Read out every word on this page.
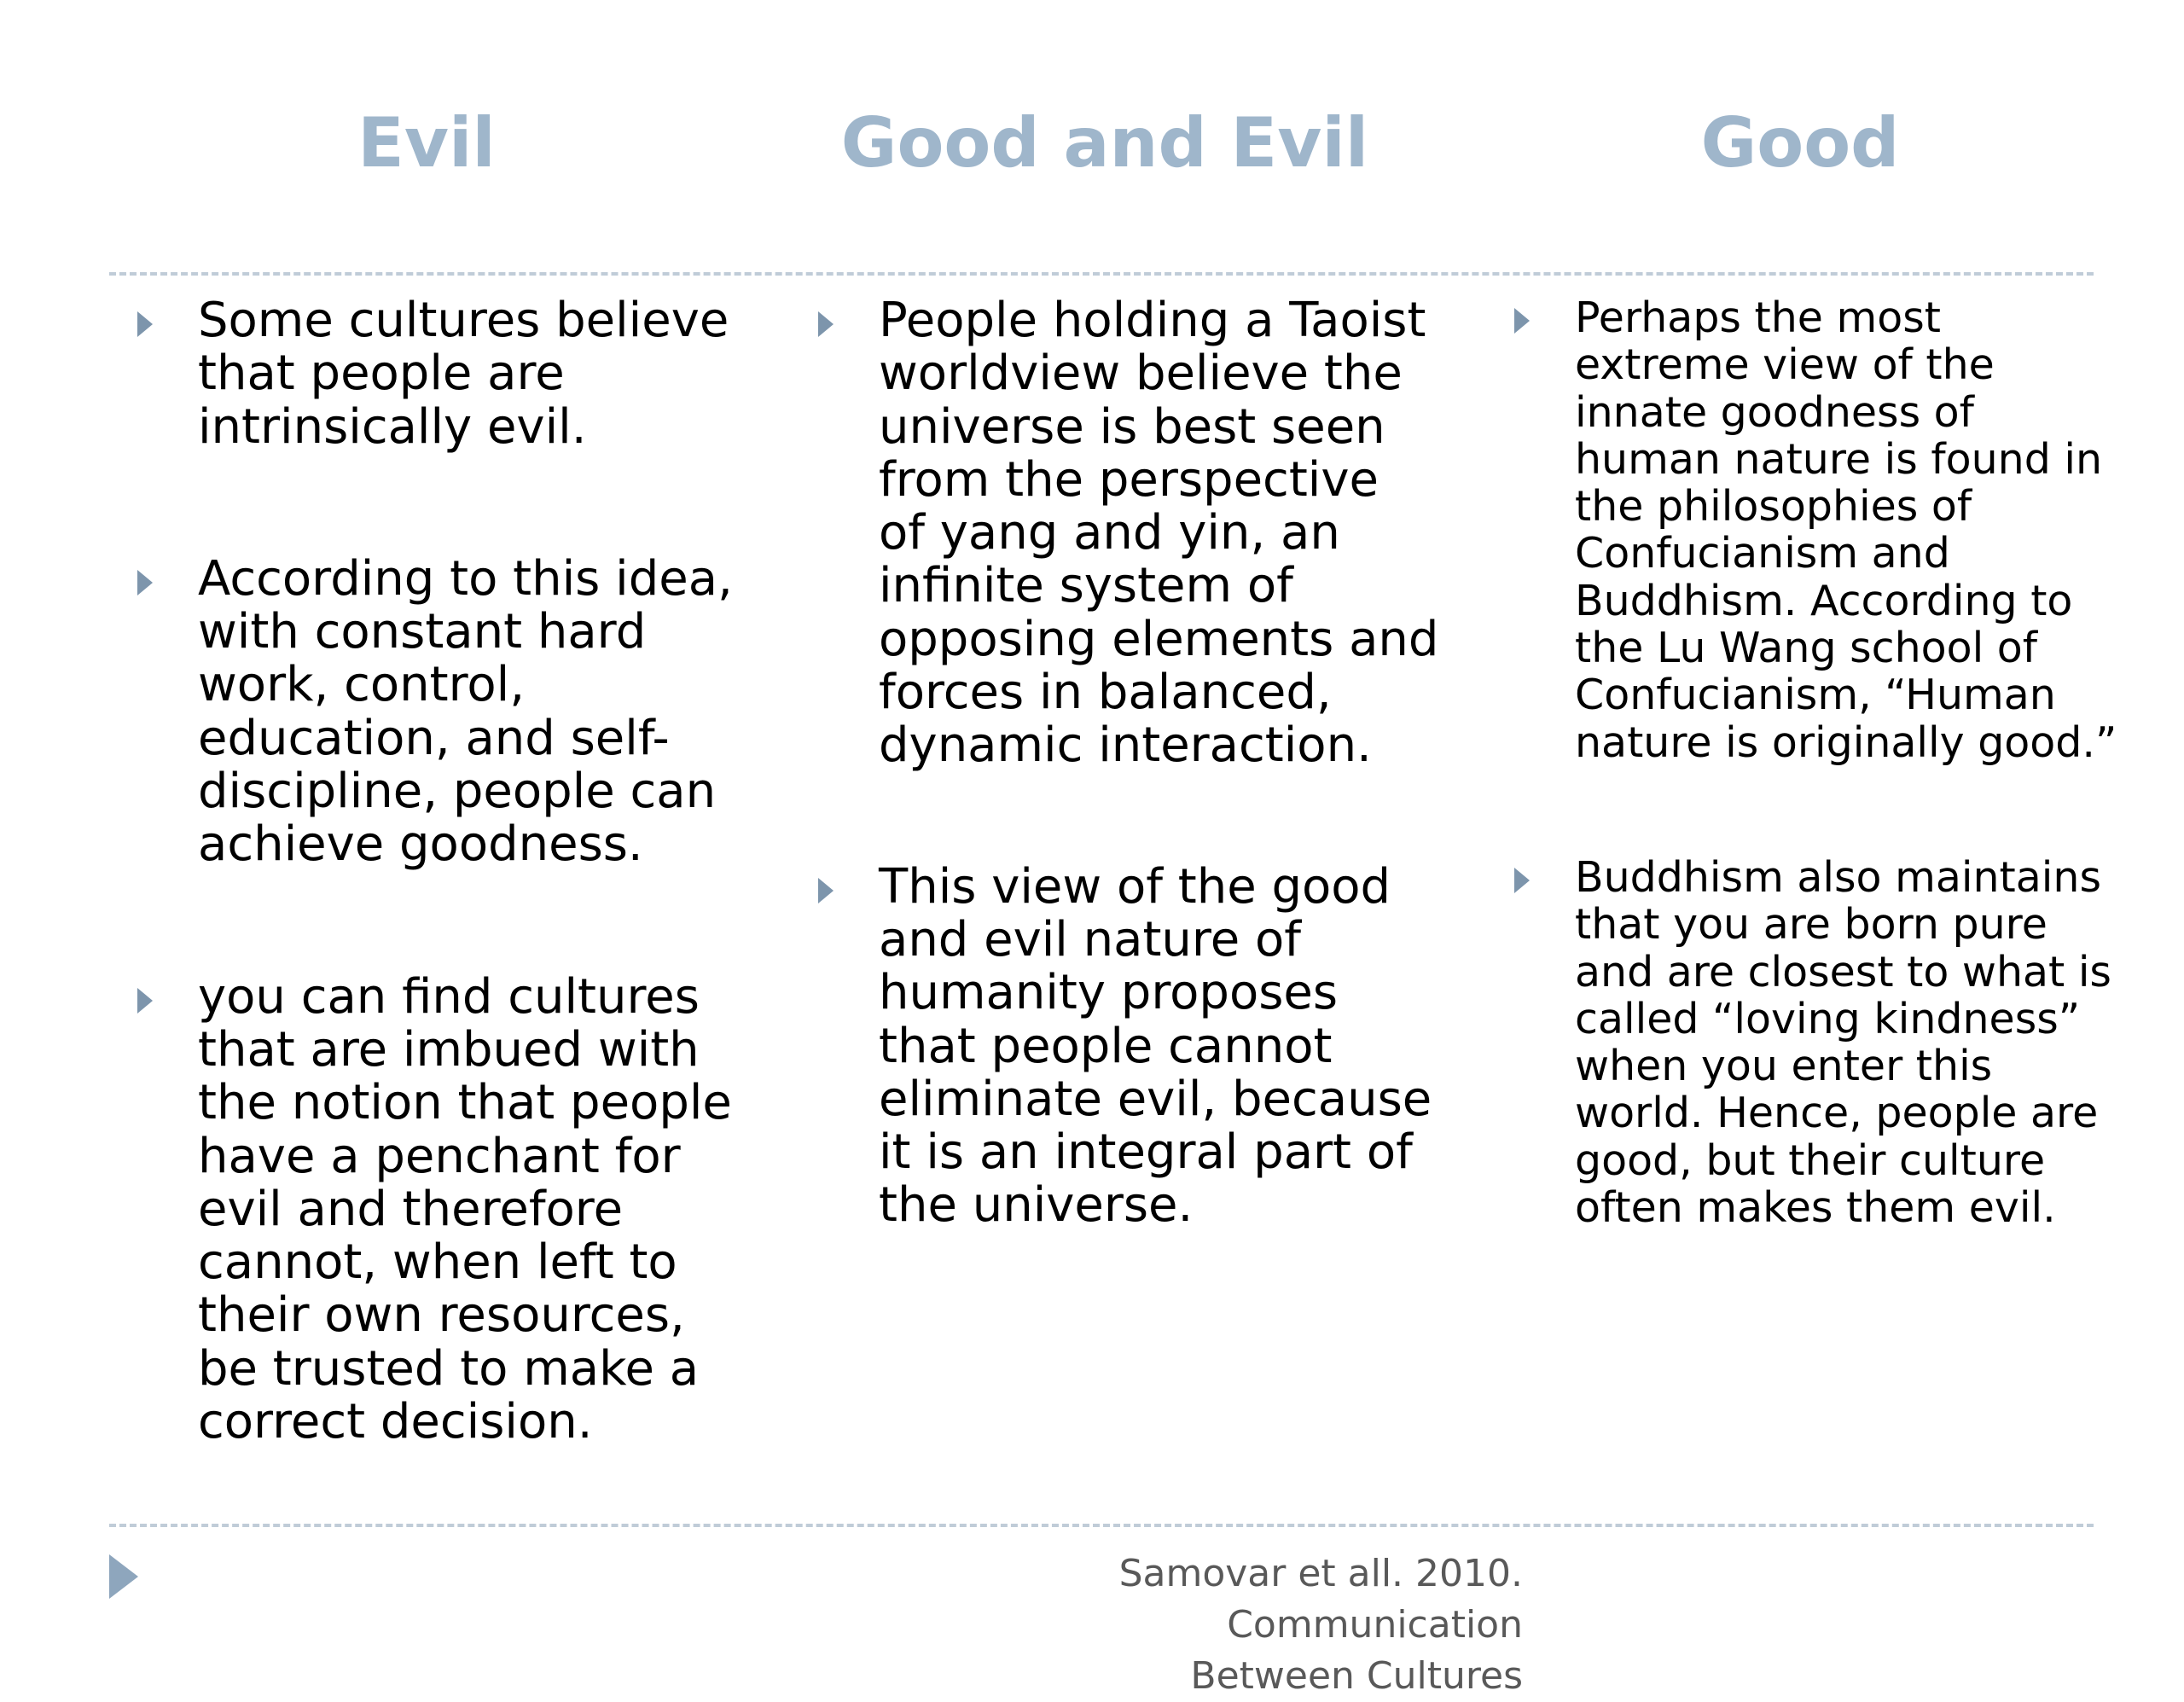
Evil	Good and Evil	Good
Some cultures believe
that people are
intrinsically evil.
According to this idea,
with constant hard
work, control,
education, and self-
discipline, people can
achieve goodness.
you can find cultures
that are imbued with
the notion that people
have a penchant for
evil and therefore
cannot, when left to
their own resources,
be trusted to make a
correct decision.
People holding a Taoist
worldview believe the
universe is best seen
from the perspective
of yang and yin, an
infinite system of
opposing elements and
forces in balanced,
dynamic interaction.
This view of the good
and evil nature of
humanity proposes
that people cannot
eliminate evil, because
it is an integral part of
the universe.
Perhaps the most
extreme view of the
innate goodness of
human nature is found in
the philosophies of
Confucianism and
Buddhism. According to
the Lu Wang school of
Confucianism, “Human
nature is originally good.”
Buddhism also maintains
that you are born pure
and are closest to what is
called “loving kindness”
when you enter this
world. Hence, people are
good, but their culture
often makes them evil.
Samovar et all. 2010. Communication
Between Cultures
